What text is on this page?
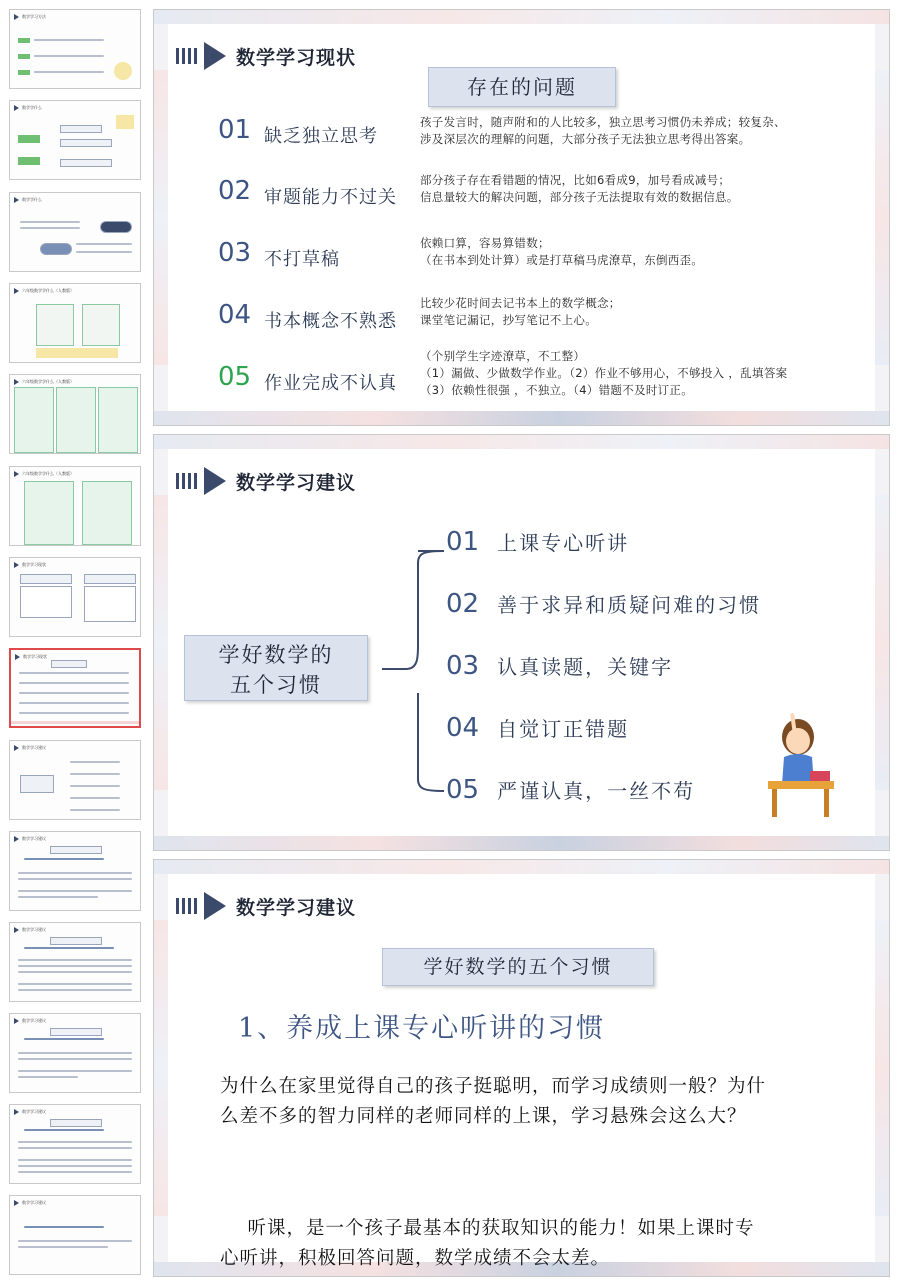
数学学习方法
数学学什么
数学学什么
六年级数学学什么（人教版）
六年级数学学什么（人教版）
六年级数学学什么（人教版）
数学学习现状
数学学习现状
数学学习建议
数学学习建议
数学学习建议
数学学习建议
数学学习建议
数学学习建议
数学学习现状
存在的问题
01 缺乏独立思考
孩子发言时，随声附和的人比较多，独立思考习惯仍未养成；较复杂、
涉及深层次的理解的问题，大部分孩子无法独立思考得出答案。
02 审题能力不过关
部分孩子存在看错题的情况，比如6看成9，加号看成减号；
信息量较大的解决问题，部分孩子无法提取有效的数据信息。
03 不打草稿
依赖口算，容易算错数；
（在书本到处计算）或是打草稿马虎潦草，东倒西歪。
04 书本概念不熟悉
比较少花时间去记书本上的数学概念；
课堂笔记漏记，抄写笔记不上心。
05 作业完成不认真
（个别学生字迹潦草，不工整）
（1）漏做、少做数学作业。（2）作业不够用心，不够投入 ，乱填答案
（3）依赖性很强 ，不独立。（4）错题不及时订正。
数学学习建议
学好数学的
五个习惯
01 上课专心听讲
02 善于求异和质疑问难的习惯
03 认真读题，关键字
04 自觉订正错题
05 严谨认真，一丝不苟
数学学习建议
学好数学的五个习惯
1、养成上课专心听讲的习惯
为什么在家里觉得自己的孩子挺聪明，而学习成绩则一般？为什
么差不多的智力同样的老师同样的上课，学习悬殊会这么大？

听课，是一个孩子最基本的获取知识的能力！如果上课时专
心听讲，积极回答问题，数学成绩不会太差。
